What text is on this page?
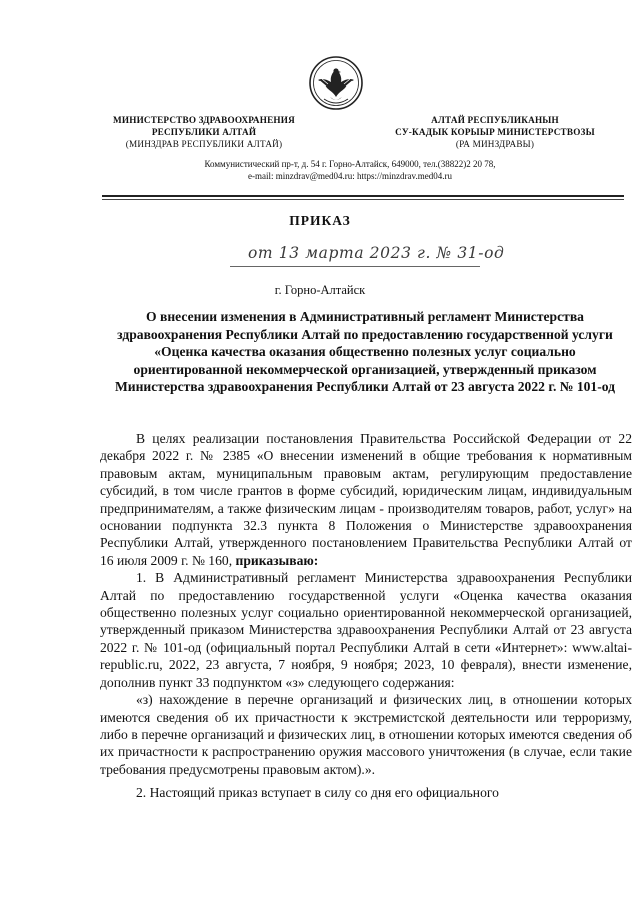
МИНИСТЕРСТВО ЗДРАВООХРАНЕНИЯ
РЕСПУБЛИКИ АЛТАЙ
(МИНЗДРАВ РЕСПУБЛИКИ АЛТАЙ)
АЛТАЙ РЕСПУБЛИКАНЫН
СУ-КАДЫК КОРЫЫР МИНИСТЕРСТВОЗЫ
(РА МИНЗДРАВЫ)
Коммунистический пр-т, д. 54 г. Горно-Алтайск, 649000, тел.(38822)2 20 78,
e-mail: minzdrav@med04.ru: https://minzdrav.med04.ru
ПРИКАЗ
от 13 марта 2023 г. № 31-од
г. Горно-Алтайск
О внесении изменения в Административный регламент Министерства здравоохранения Республики Алтай по предоставлению государственной услуги «Оценка качества оказания общественно полезных услуг социально ориентированной некоммерческой организацией, утвержденный приказом Министерства здравоохранения Республики Алтай от 23 августа 2022 г. № 101-од

В целях реализации постановления Правительства Российской Федерации от 22 декабря 2022 г. № 2385 «О внесении изменений в общие требования к нормативным правовым актам, муниципальным правовым актам, регулирующим предоставление субсидий, в том числе грантов в форме субсидий, юридическим лицам, индивидуальным предпринимателям, а также физическим лицам - производителям товаров, работ, услуг» на основании подпункта 32.3 пункта 8 Положения о Министерстве здравоохранения Республики Алтай, утвержденного постановлением Правительства Республики Алтай от 16 июля 2009 г. № 160, приказываю:

1. В Административный регламент Министерства здравоохранения Республики Алтай по предоставлению государственной услуги «Оценка качества оказания общественно полезных услуг социально ориентированной некоммерческой организацией, утвержденный приказом Министерства здравоохранения Республики Алтай от 23 августа 2022 г. № 101-од (официальный портал Республики Алтай в сети «Интернет»: www.altai-republic.ru, 2022, 23 августа, 7 ноября, 9 ноября; 2023, 10 февраля), внести изменение, дополнив пункт 33 подпунктом «з» следующего содержания:

«з) нахождение в перечне организаций и физических лиц, в отношении которых имеются сведения об их причастности к экстремистской деятельности или терроризму, либо в перечне организаций и физических лиц, в отношении которых имеются сведения об их причастности к распространению оружия массового уничтожения (в случае, если такие требования предусмотрены правовым актом).».

2. Настоящий приказ вступает в силу со дня его официального
